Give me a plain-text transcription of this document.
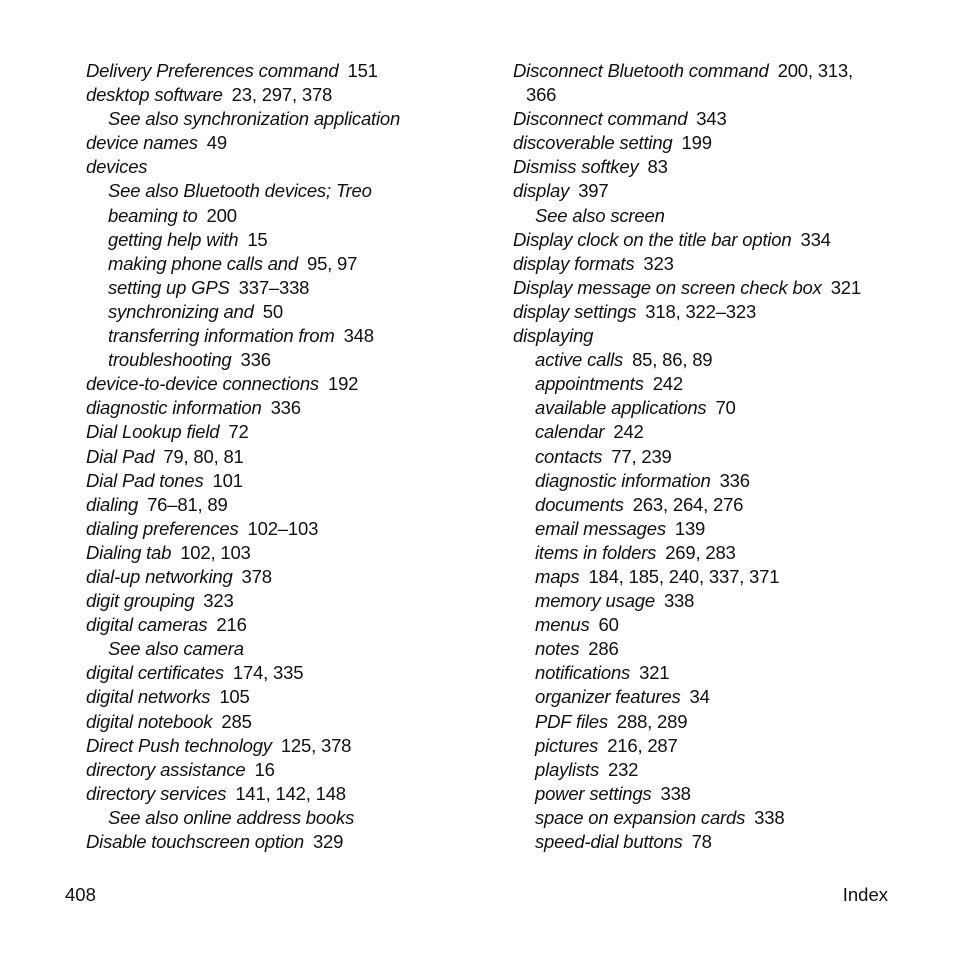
Delivery Preferences command 151
desktop software 23, 297, 378
See also synchronization application
device names 49
devices
See also Bluetooth devices; Treo
beaming to 200
getting help with 15
making phone calls and 95, 97
setting up GPS 337–338
synchronizing and 50
transferring information from 348
troubleshooting 336
device-to-device connections 192
diagnostic information 336
Dial Lookup field 72
Dial Pad 79, 80, 81
Dial Pad tones 101
dialing 76–81, 89
dialing preferences 102–103
Dialing tab 102, 103
dial-up networking 378
digit grouping 323
digital cameras 216
See also camera
digital certificates 174, 335
digital networks 105
digital notebook 285
Direct Push technology 125, 378
directory assistance 16
directory services 141, 142, 148
See also online address books
Disable touchscreen option 329
Disconnect Bluetooth command 200, 313,
366
Disconnect command 343
discoverable setting 199
Dismiss softkey 83
display 397
See also screen
Display clock on the title bar option 334
display formats 323
Display message on screen check box 321
display settings 318, 322–323
displaying
active calls 85, 86, 89
appointments 242
available applications 70
calendar 242
contacts 77, 239
diagnostic information 336
documents 263, 264, 276
email messages 139
items in folders 269, 283
maps 184, 185, 240, 337, 371
memory usage 338
menus 60
notes 286
notifications 321
organizer features 34
PDF files 288, 289
pictures 216, 287
playlists 232
power settings 338
space on expansion cards 338
speed-dial buttons 78
408	Index
